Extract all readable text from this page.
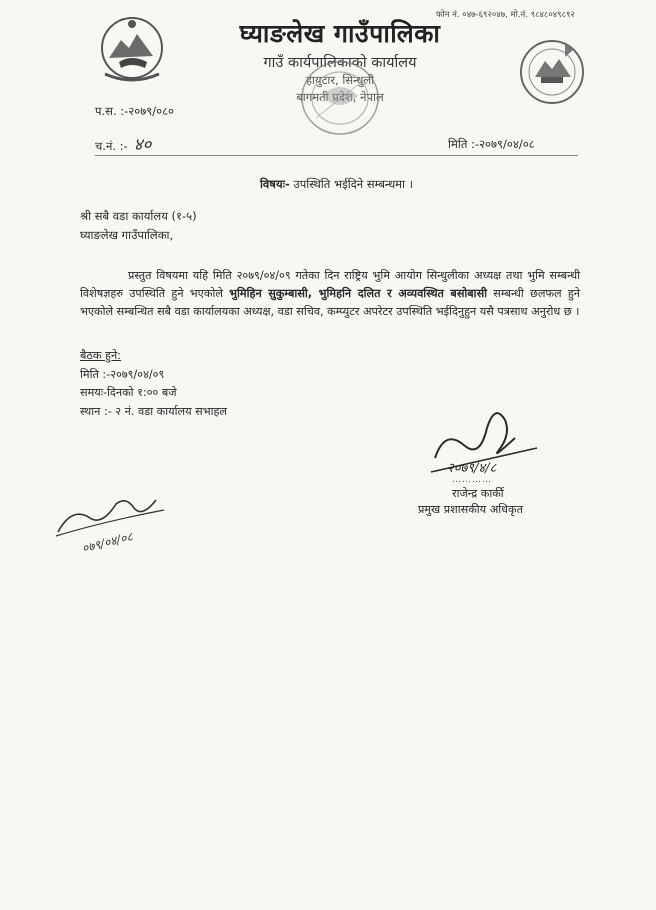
फोन नं. ०४७-६९२०४७, मो.नं. ९८४८०४९८९२
घ्याङलेख गाउँपालिका
गाउँ कार्यपालिकाको कार्यालय
हायुटार, सिन्धुली
बागमती प्रदेश, नेपाल
प.स. :-२०७९/०८०
च.नं. :- ४०	मिति :-२०७९/०४/०८
विषयः- उपस्थिति भईदिने सम्बन्धमा ।
श्री सबै वडा कार्यालय (१-५)
घ्याङलेख गाउँपालिका,
प्रस्तुत विषयमा यहि मिति २०७९/०४/०९ गतेका दिन राष्ट्रिय भुमि आयोग सिन्धुलीका अध्यक्ष तथा भुमि सम्बन्धी विशेषज्ञहरु उपस्थिति हुने भएकोले भुमिहिन सुकुम्बासी, भुमिहनि दलित र अव्यवस्थित बसोबासी सम्बन्धी छलफल हुने भएकोले सम्बन्धित सबै वडा कार्यालयका अध्यक्ष, वडा सचिव, कम्प्युटर अपरेटर उपस्थिति भईदिनुहुन यसै पत्रसाथ अनुरोध छ ।
बैठक हुने:
मिति :-२०७९/०४/०९
समयः-दिनको १:०० बजे
स्थान :- २ नं. वडा कार्यालय सभाहल
२०७९/४/८
…………
राजेन्द्र कार्की
प्रमुख प्रशासकीय अधिकृत
०७९/०४/०८
